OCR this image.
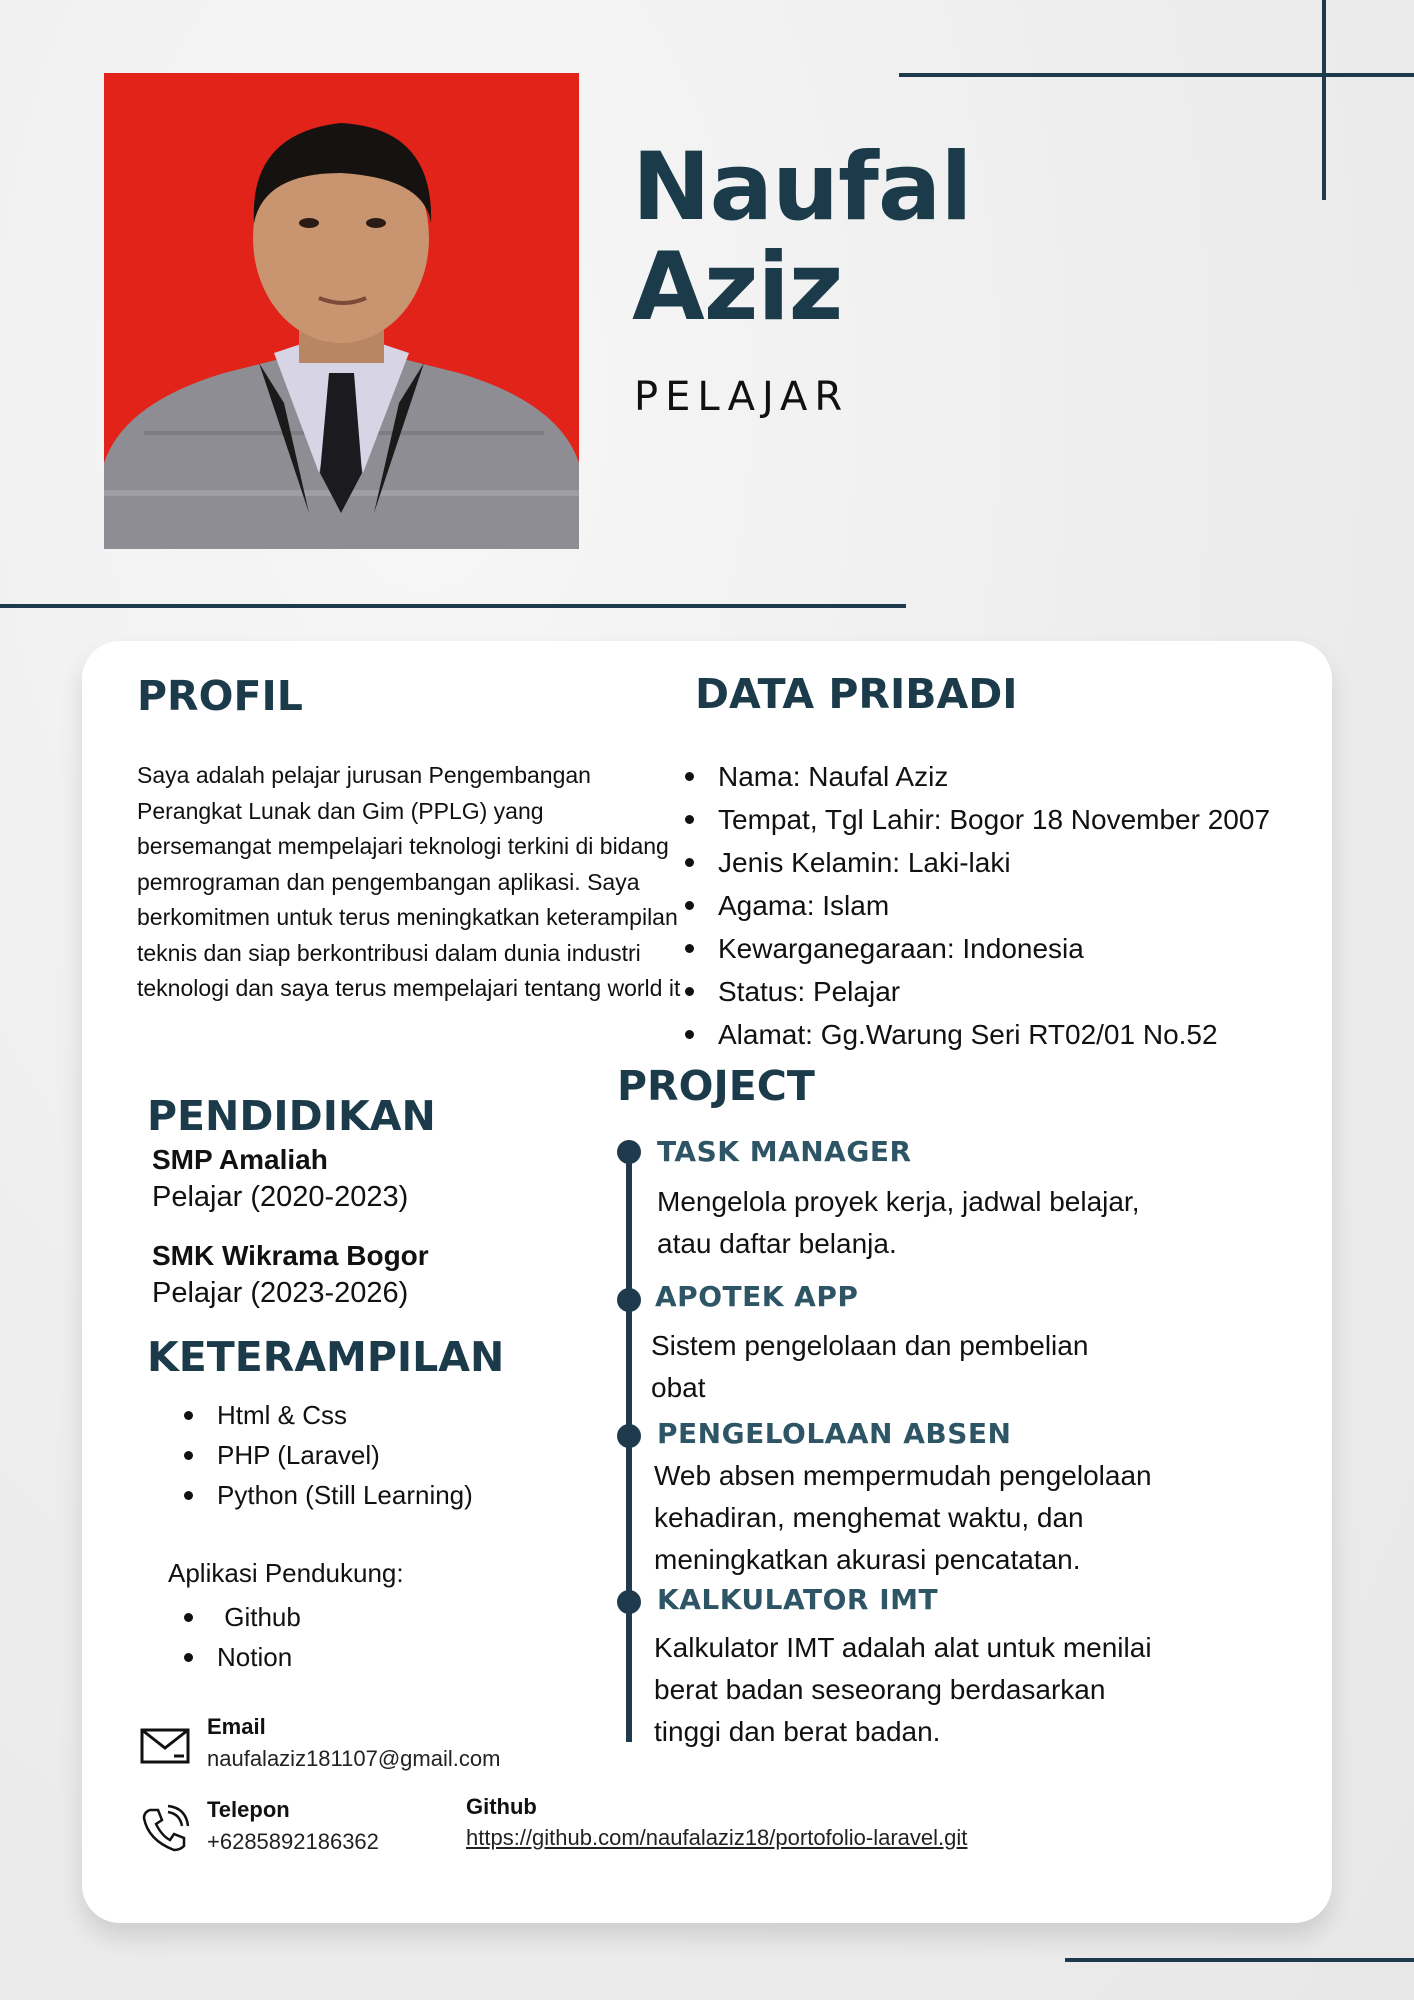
Naufal
Aziz
PELAJAR
PROFIL
Saya adalah pelajar jurusan Pengembangan Perangkat Lunak dan Gim (PPLG) yang bersemangat mempelajari teknologi terkini di bidang pemrograman dan pengembangan aplikasi. Saya berkomitmen untuk terus meningkatkan keterampilan teknis dan siap berkontribusi dalam dunia industri teknologi dan saya terus mempelajari tentang world it
DATA PRIBADI
Nama: Naufal Aziz
Tempat, Tgl Lahir: Bogor 18 November 2007
Jenis Kelamin: Laki-laki
Agama: Islam
Kewarganegaraan: Indonesia
Status: Pelajar
Alamat: Gg.Warung Seri RT02/01 No.52
PENDIDIKAN
SMP Amaliah
Pelajar (2020-2023)
SMK Wikrama Bogor
Pelajar (2023-2026)
KETERAMPILAN
Html & Css
PHP (Laravel)
Python (Still Learning)
Aplikasi Pendukung:
Github
Notion
PROJECT
TASK MANAGER
Mengelola proyek kerja, jadwal belajar,
atau daftar belanja.
APOTEK APP
Sistem pengelolaan dan pembelian
obat
PENGELOLAAN ABSEN
Web absen mempermudah pengelolaan
kehadiran, menghemat waktu, dan
meningkatkan akurasi pencatatan.
KALKULATOR IMT
Kalkulator IMT adalah alat untuk menilai
berat badan seseorang berdasarkan
tinggi dan berat badan.
Email
naufalaziz181107@gmail.com
Telepon
+6285892186362
Github
https://github.com/naufalaziz18/portofolio-laravel.git
